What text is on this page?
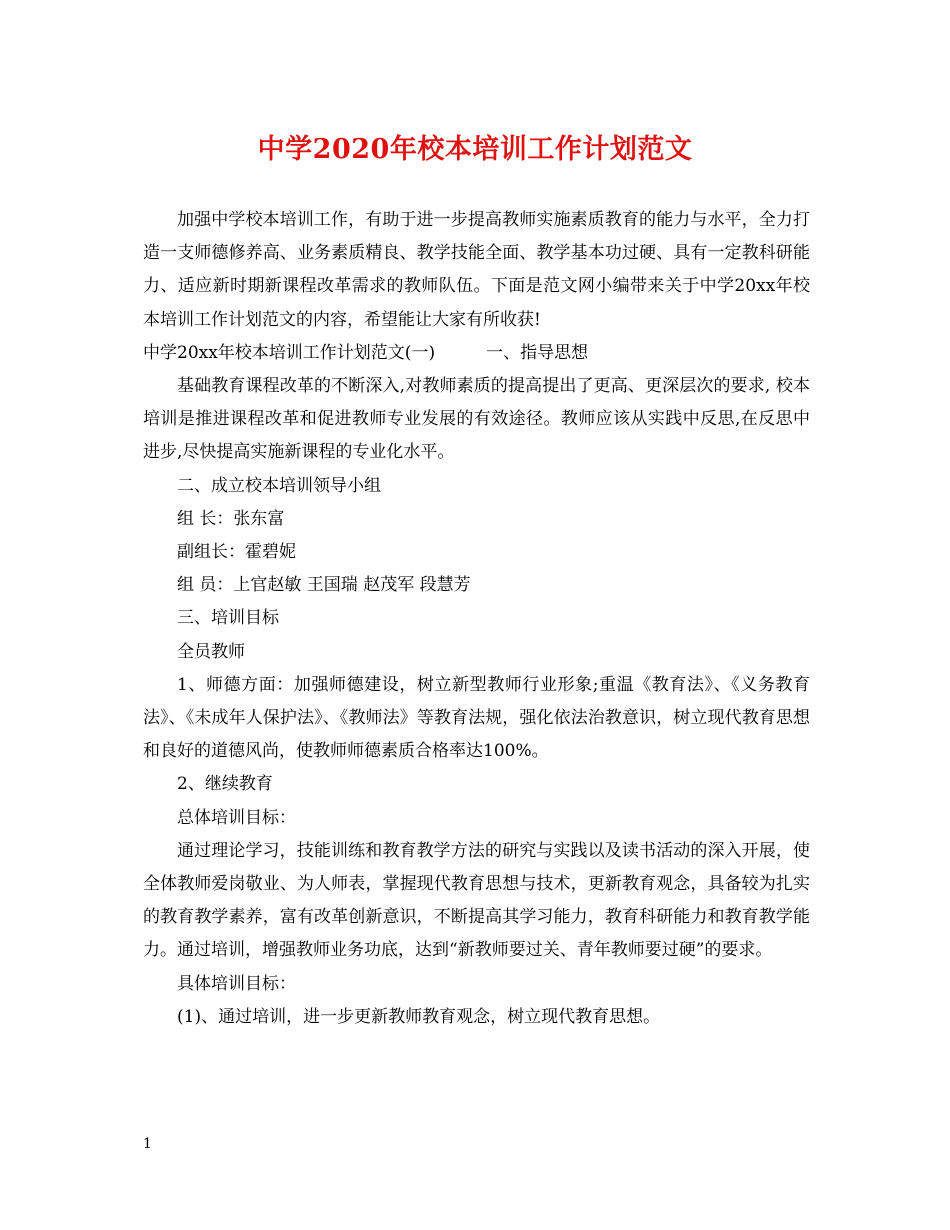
中学2020年校本培训工作计划范文

加强中学校本培训工作，有助于进一步提高教师实施素质教育的能力与水平，全力打造一支师德修养高、业务素质精良、教学技能全面、教学基本功过硬、具有一定教科研能力、适应新时期新课程改革需求的教师队伍。下面是范文网小编带来关于中学20xx年校本培训工作计划范文的内容，希望能让大家有所收获!

中学20xx年校本培训工作计划范文(一)　　　一、指导思想

基础教育课程改革的不断深入,对教师素质的提高提出了更高、更深层次的要求, 校本培训是推进课程改革和促进教师专业发展的有效途径。教师应该从实践中反思,在反思中进步,尽快提高实施新课程的专业化水平。

二、成立校本培训领导小组

组 长：张东富

副组长：霍碧妮

组 员：上官赵敏 王国瑞 赵茂军 段慧芳

三、培训目标

全员教师

1、师德方面：加强师德建设，树立新型教师行业形象;重温《教育法》、《义务教育法》、《未成年人保护法》、《教师法》等教育法规，强化依法治教意识，树立现代教育思想和良好的道德风尚，使教师师德素质合格率达100%。

2、继续教育

总体培训目标：

通过理论学习，技能训练和教育教学方法的研究与实践以及读书活动的深入开展，使全体教师爱岗敬业、为人师表，掌握现代教育思想与技术，更新教育观念，具备较为扎实的教育教学素养，富有改革创新意识，不断提高其学习能力，教育科研能力和教育教学能力。通过培训，增强教师业务功底，达到“新教师要过关、青年教师要过硬”的要求。

具体培训目标：

(1)、通过培训，进一步更新教师教育观念，树立现代教育思想。

1
